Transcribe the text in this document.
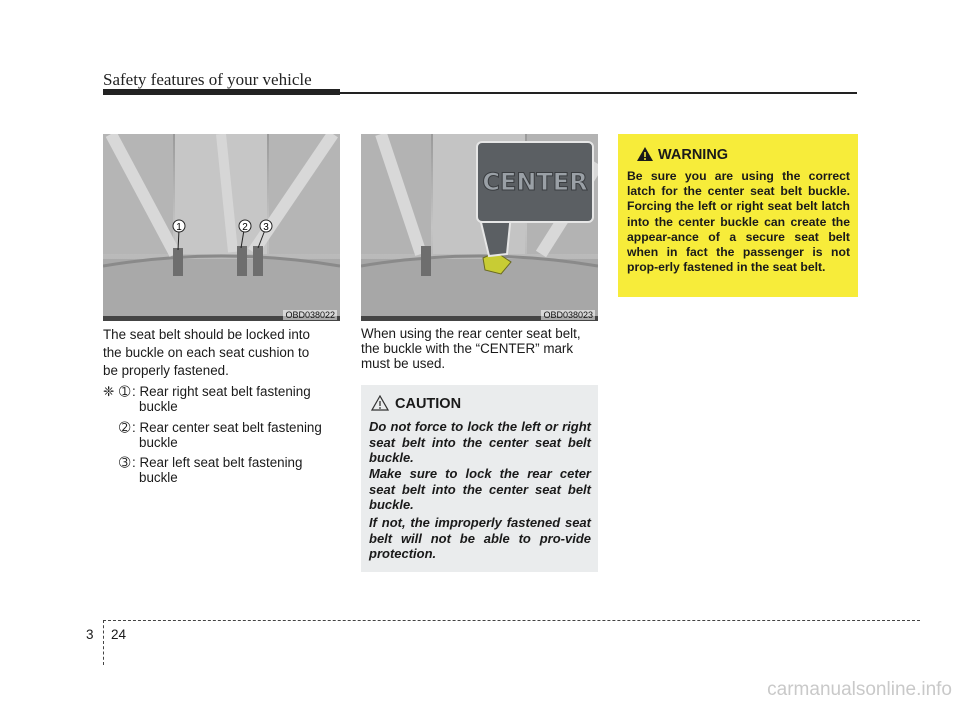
Safety features of your vehicle
1	2 3
OBD038022
The seat belt should be locked into
the buckle on each seat cushion to
be properly fastened.
❈ ➀ : Rear right seat belt fastening
buckle
➁ : Rear center seat belt fastening
buckle
➂ : Rear left seat belt fastening
buckle
CENTER
OBD038023
When using the rear center seat belt,
the buckle with the “CENTER” mark
must be used.
CAUTION
Do not force to lock the left or right seat belt into the center seat belt buckle.
Make sure to lock the rear ceter seat belt into the center seat belt buckle.
If not, the improperly fastened seat belt will not be able to pro-vide protection.
WARNING
Be sure you are using the correct latch for the center seat belt buckle. Forcing the left or right seat belt latch into the center buckle can create the appear-ance of a secure seat belt when in fact the passenger is not prop-erly fastened in the seat belt.
3 24
carmanualsonline.info
